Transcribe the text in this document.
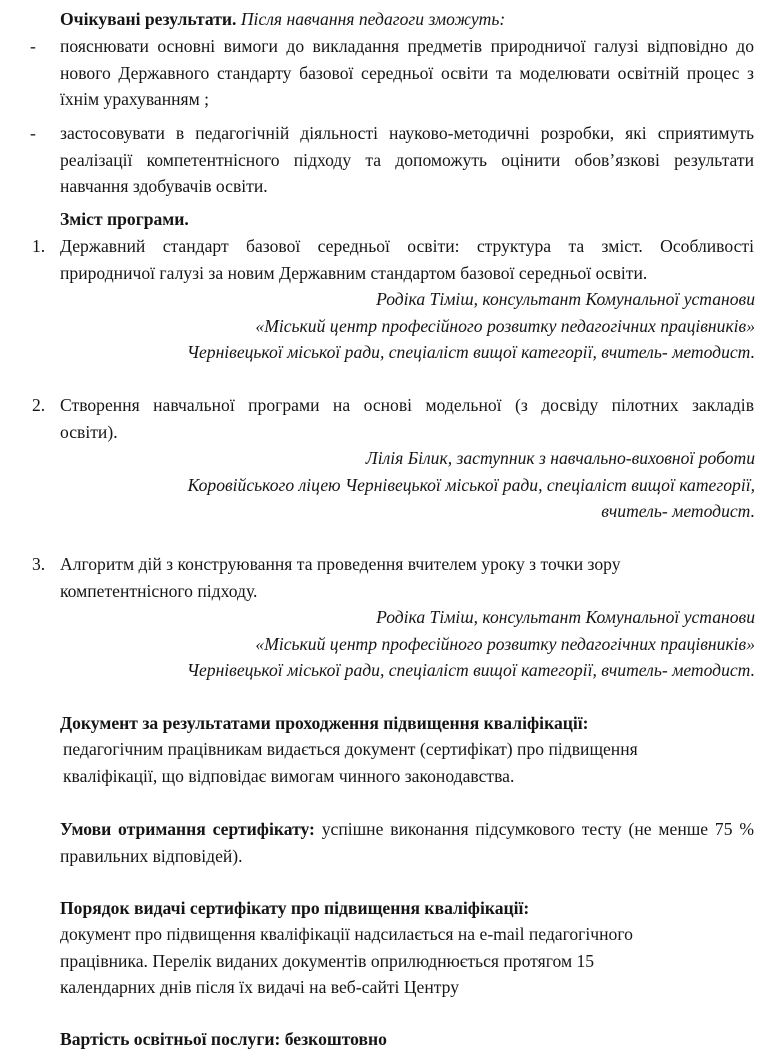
Очікувані результати. Після навчання педагоги зможуть:

- пояснювати основні вимоги до викладання предметів природничої галузі відповідно до нового Державного стандарту базової середньої освіти та моделювати освітній процес з їхнім урахуванням ;

- застосовувати в педагогічній діяльності науково-методичні розробки, які сприятимуть реалізації компетентнісного підходу та допоможуть оцінити обов’язкові результати навчання здобувачів освіти.

Зміст програми.

1. Державний стандарт базової середньої освіти: структура та зміст. Особливості
природничої галузі за новим Державним стандартом базової середньої освіти.
Родіка Тіміш, консультант Комунальної установи
«Міський центр професійного розвитку педагогічних працівників»
Чернівецької міської ради, спеціаліст вищої категорії, вчитель- методист.
2. Створення навчальної програми на основі модельної (з досвіду пілотних закладів
освіти).
Лілія Білик, заступник з навчально-виховної роботи
Коровійського ліцею Чернівецької міської ради, спеціаліст вищої категорії,
вчитель- методист.
3. Алгоритм дій з конструювання та проведення вчителем уроку з точки зору
компетентнісного підходу.
Родіка Тіміш, консультант Комунальної установи
«Міський центр професійного розвитку педагогічних працівників»
Чернівецької міської ради, спеціаліст вищої категорії, вчитель- методист.

Документ за результатами проходження підвищення кваліфікації:

педагогічним працівникам видається документ (сертифікат) про підвищення
кваліфікації, що відповідає вимогам чинного законодавства.

Умови отримання сертифікату: успішне виконання підсумкового тесту (не менше 75 % правильних відповідей).

Порядок видачі сертифікату про підвищення кваліфікації:

документ про підвищення кваліфікації надсилається на e-mail педагогічного
працівника. Перелік виданих документів оприлюднюється протягом 15
календарних днів після їх видачі на веб-сайті Центру

Вартість освітньої послуги: безкоштовно
